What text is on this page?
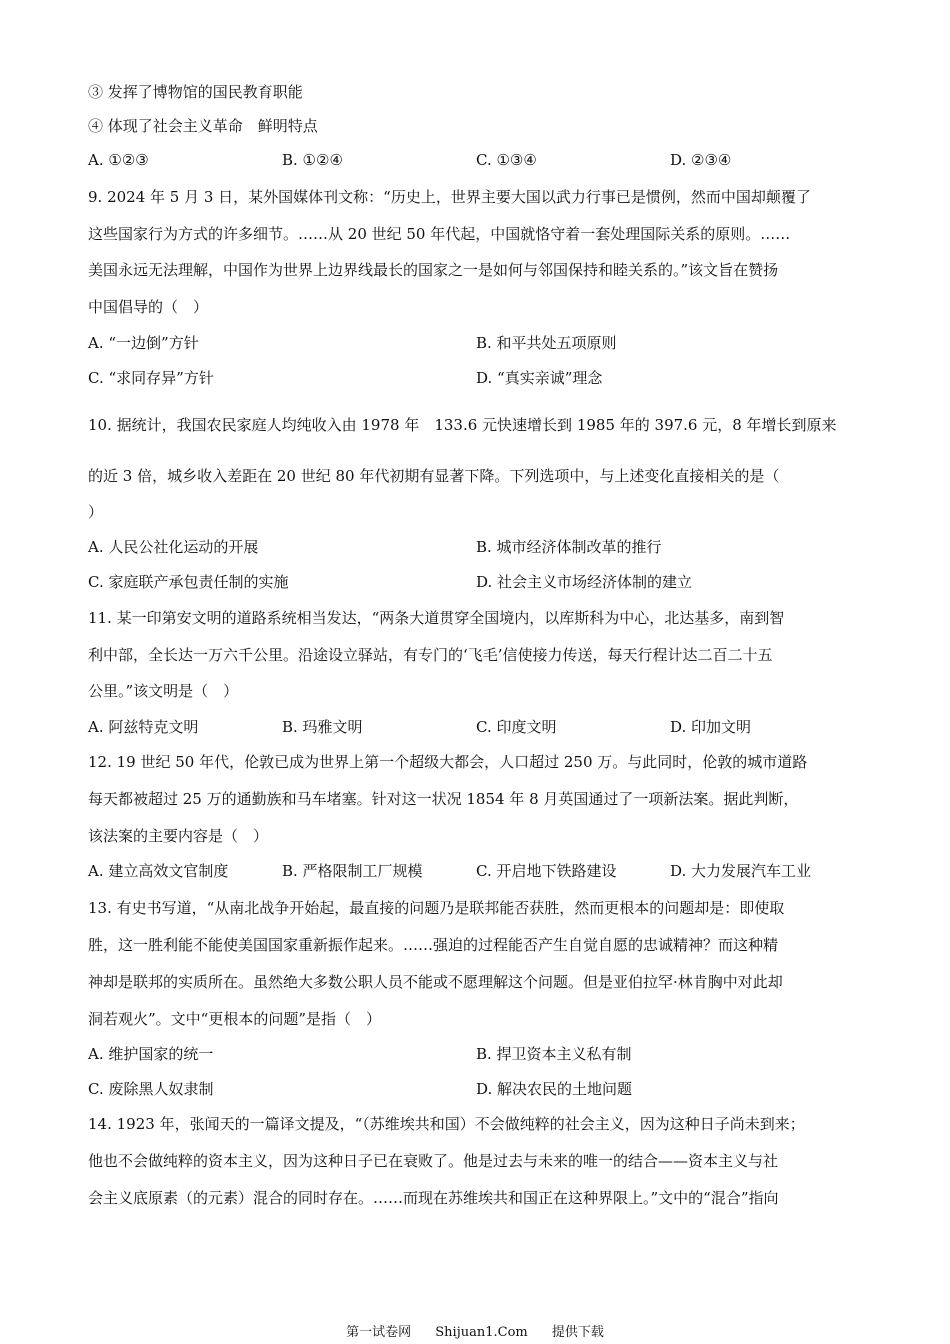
③ 发挥了博物馆的国民教育职能
④ 体现了社会主义革命　鲜明特点
A. ①②③	B. ①②④	C. ①③④	D. ②③④
9. 2024 年 5 月 3 日，某外国媒体刊文称：“历史上，世界主要大国以武力行事已是惯例，然而中国却颠覆了
这些国家行为方式的许多细节。……从 20 世纪 50 年代起，中国就恪守着一套处理国际关系的原则。……
美国永远无法理解，中国作为世界上边界线最长的国家之一是如何与邻国保持和睦关系的。”该文旨在赞扬
中国倡导的（　）
A. “一边倒”方针	B. 和平共处五项原则
C. “求同存异”方针	D. “真实亲诚”理念
10. 据统计，我国农民家庭人均纯收入由 1978 年　133.6 元快速增长到 1985 年的 397.6 元，8 年增长到原来
的近 3 倍，城乡收入差距在 20 世纪 80 年代初期有显著下降。下列选项中，与上述变化直接相关的是（
）
A. 人民公社化运动的开展	B. 城市经济体制改革的推行
C. 家庭联产承包责任制的实施	D. 社会主义市场经济体制的建立
11. 某一印第安文明的道路系统相当发达，“两条大道贯穿全国境内，以库斯科为中心，北达基多，南到智
利中部，全长达一万六千公里。沿途设立驿站，有专门的‘飞毛’信使接力传送，每天行程计达二百二十五
公里。”该文明是（　）
A. 阿兹特克文明	B. 玛雅文明	C. 印度文明	D. 印加文明
12. 19 世纪 50 年代，伦敦已成为世界上第一个超级大都会，人口超过 250 万。与此同时，伦敦的城市道路
每天都被超过 25 万的通勤族和马车堵塞。针对这一状况 1854 年 8 月英国通过了一项新法案。据此判断，
该法案的主要内容是（　）
A. 建立高效文官制度	B. 严格限制工厂规模	C. 开启地下铁路建设	D. 大力发展汽车工业
13. 有史书写道，“从南北战争开始起，最直接的问题乃是联邦能否获胜，然而更根本的问题却是：即使取
胜，这一胜利能不能使美国国家重新振作起来。……强迫的过程能否产生自觉自愿的忠诚精神？而这种精
神却是联邦的实质所在。虽然绝大多数公职人员不能或不愿理解这个问题。但是亚伯拉罕·林肯胸中对此却
洞若观火”。文中“更根本的问题”是指（　）
A. 维护国家的统一	B. 捍卫资本主义私有制
C. 废除黑人奴隶制	D. 解决农民的土地问题
14. 1923 年，张闻天的一篇译文提及，“（苏维埃共和国）不会做纯粹的社会主义，因为这种日子尚未到来；
他也不会做纯粹的资本主义，因为这种日子已在衰败了。他是过去与未来的唯一的结合——资本主义与社
会主义底原素（的元素）混合的同时存在。……而现在苏维埃共和国正在这种界限上。”文中的“混合”指向
第一试卷网 Shijuan1.Com 提供下载
